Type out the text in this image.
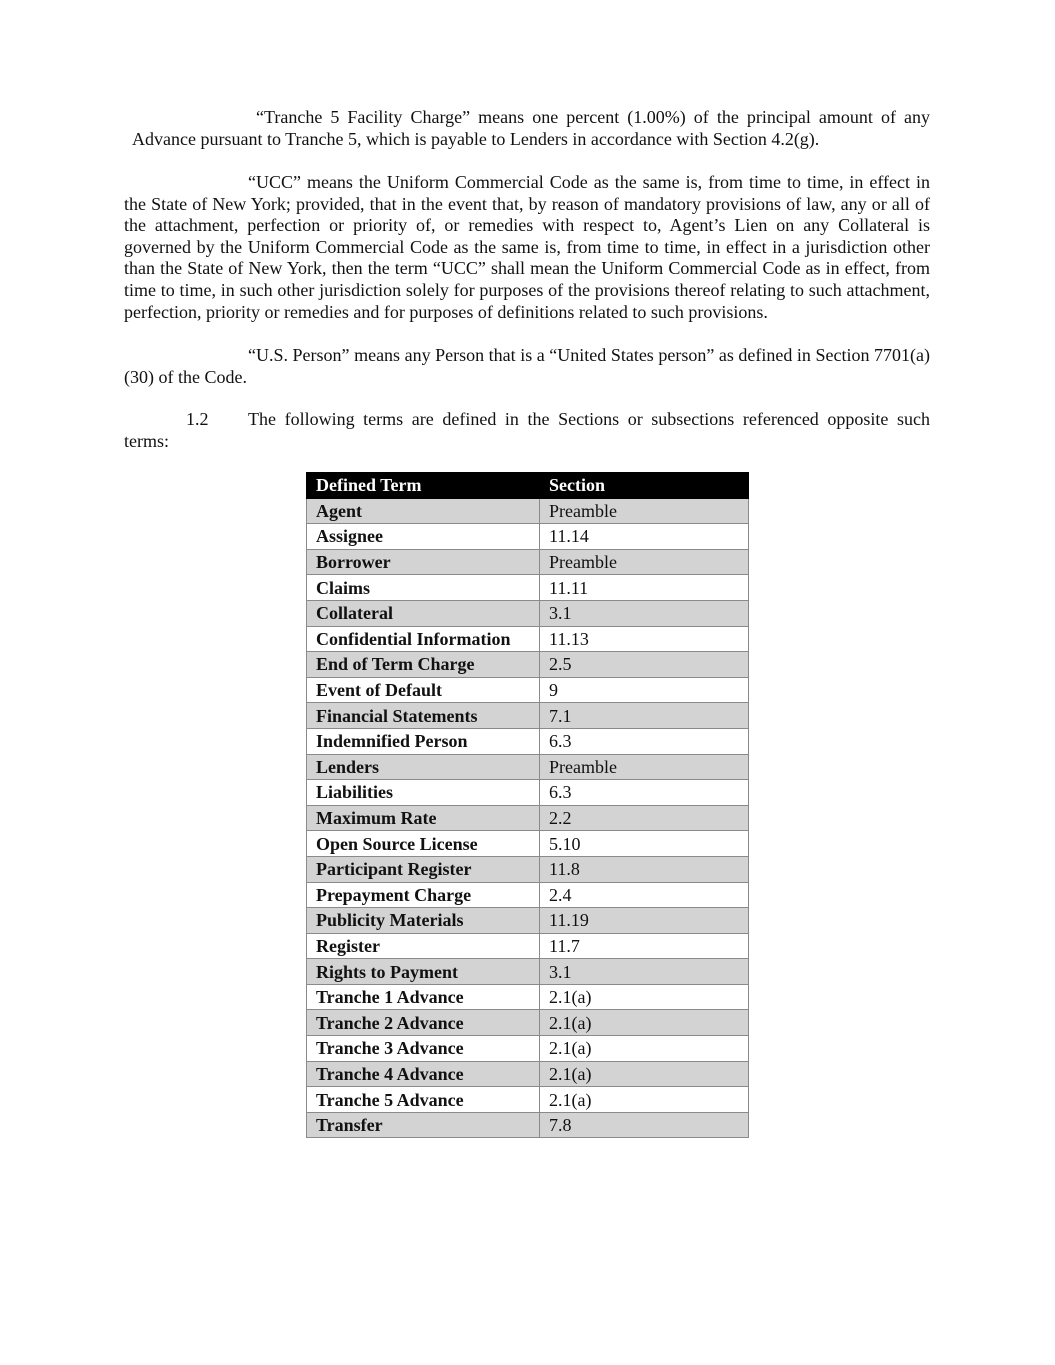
“Tranche 5 Facility Charge” means one percent (1.00%) of the principal amount of any Advance pursuant to Tranche 5, which is payable to Lenders in accordance with Section 4.2(g).

“UCC” means the Uniform Commercial Code as the same is, from time to time, in effect in the State of New York; provided, that in the event that, by reason of mandatory provisions of law, any or all of the attachment, perfection or priority of, or remedies with respect to, Agent’s Lien on any Collateral is governed by the Uniform Commercial Code as the same is, from time to time, in effect in a jurisdiction other than the State of New York, then the term “UCC” shall mean the Uniform Commercial Code as in effect, from time to time, in such other jurisdiction solely for purposes of the provisions thereof relating to such attachment, perfection, priority or remedies and for purposes of definitions related to such provisions.

“U.S. Person” means any Person that is a “United States person” as defined in Section 7701(a)(30) of the Code.

1.2 The following terms are defined in the Sections or subsections referenced opposite such terms:

Defined Term	Section
Agent	Preamble
Assignee	11.14
Borrower	Preamble
Claims	11.11
Collateral	3.1
Confidential Information	11.13
End of Term Charge	2.5
Event of Default	9
Financial Statements	7.1
Indemnified Person	6.3
Lenders	Preamble
Liabilities	6.3
Maximum Rate	2.2
Open Source License	5.10
Participant Register	11.8
Prepayment Charge	2.4
Publicity Materials	11.19
Register	11.7
Rights to Payment	3.1
Tranche 1 Advance	2.1(a)
Tranche 2 Advance	2.1(a)
Tranche 3 Advance	2.1(a)
Tranche 4 Advance	2.1(a)
Tranche 5 Advance	2.1(a)
Transfer	7.8
